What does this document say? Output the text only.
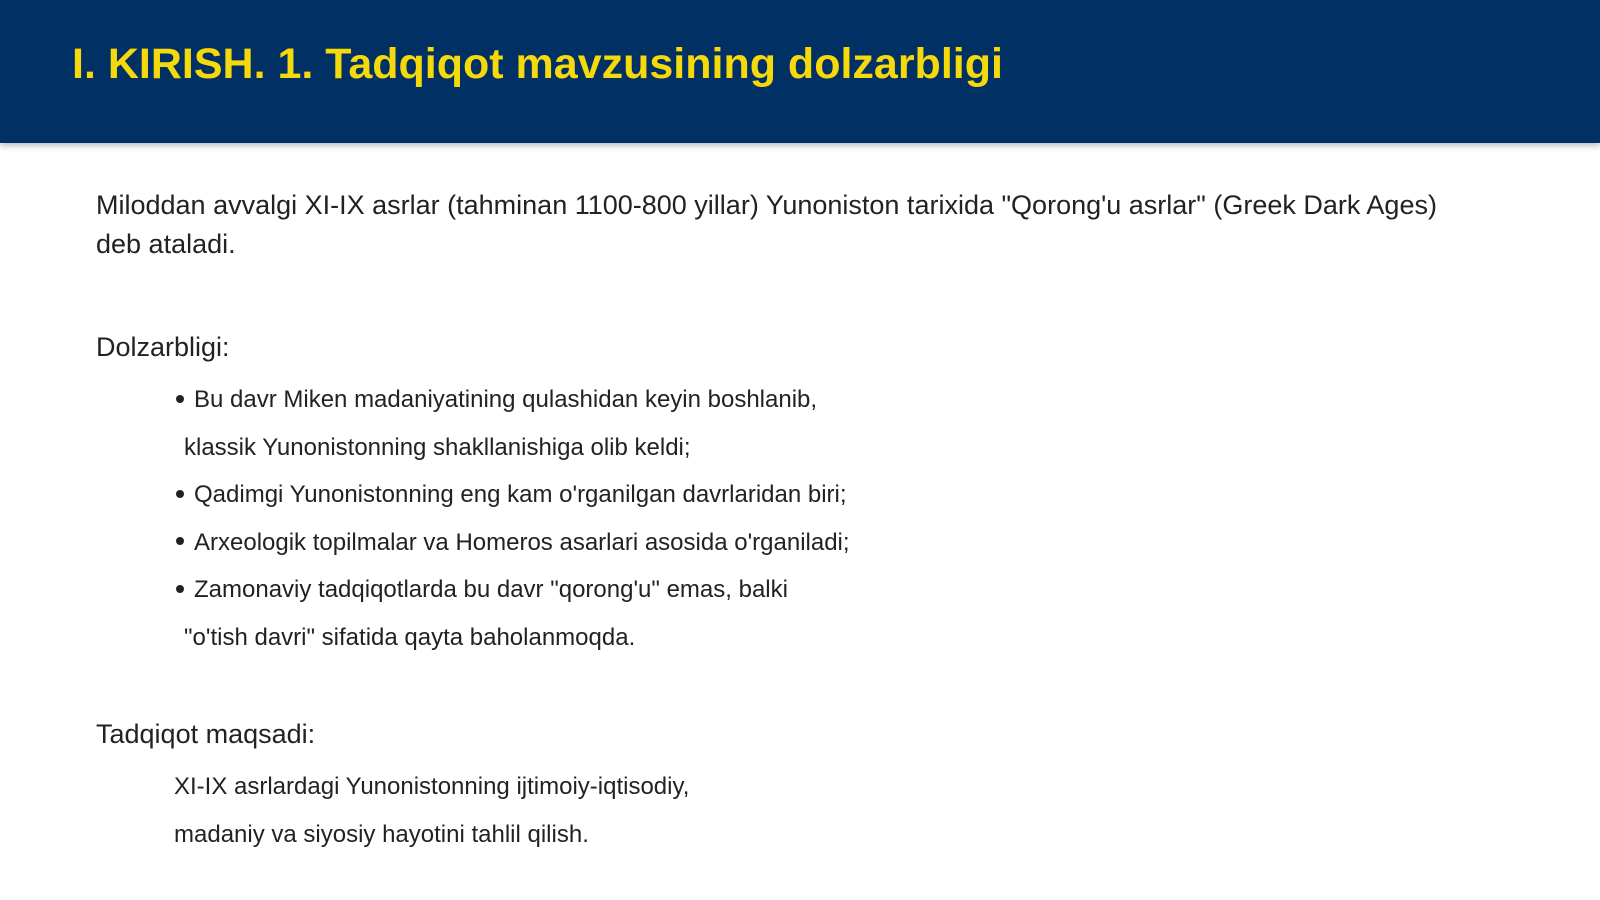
I. KIRISH. 1. Tadqiqot mavzusining dolzarbligi

Miloddan avvalgi XI-IX asrlar (tahminan 1100-800 yillar) Yunoniston tarixida "Qorong'u asrlar" (Greek Dark Ages) deb ataladi.

Dolzarbligi:

Bu davr Miken madaniyatining qulashidan keyin boshlanib,

klassik Yunonistonning shakllanishiga olib keldi;

Qadimgi Yunonistonning eng kam o'rganilgan davrlaridan biri;

Arxeologik topilmalar va Homeros asarlari asosida o'rganiladi;

Zamonaviy tadqiqotlarda bu davr "qorong'u" emas, balki

"o'tish davri" sifatida qayta baholanmoqda.

Tadqiqot maqsadi:

XI-IX asrlardagi Yunonistonning ijtimoiy-iqtisodiy,

madaniy va siyosiy hayotini tahlil qilish.
